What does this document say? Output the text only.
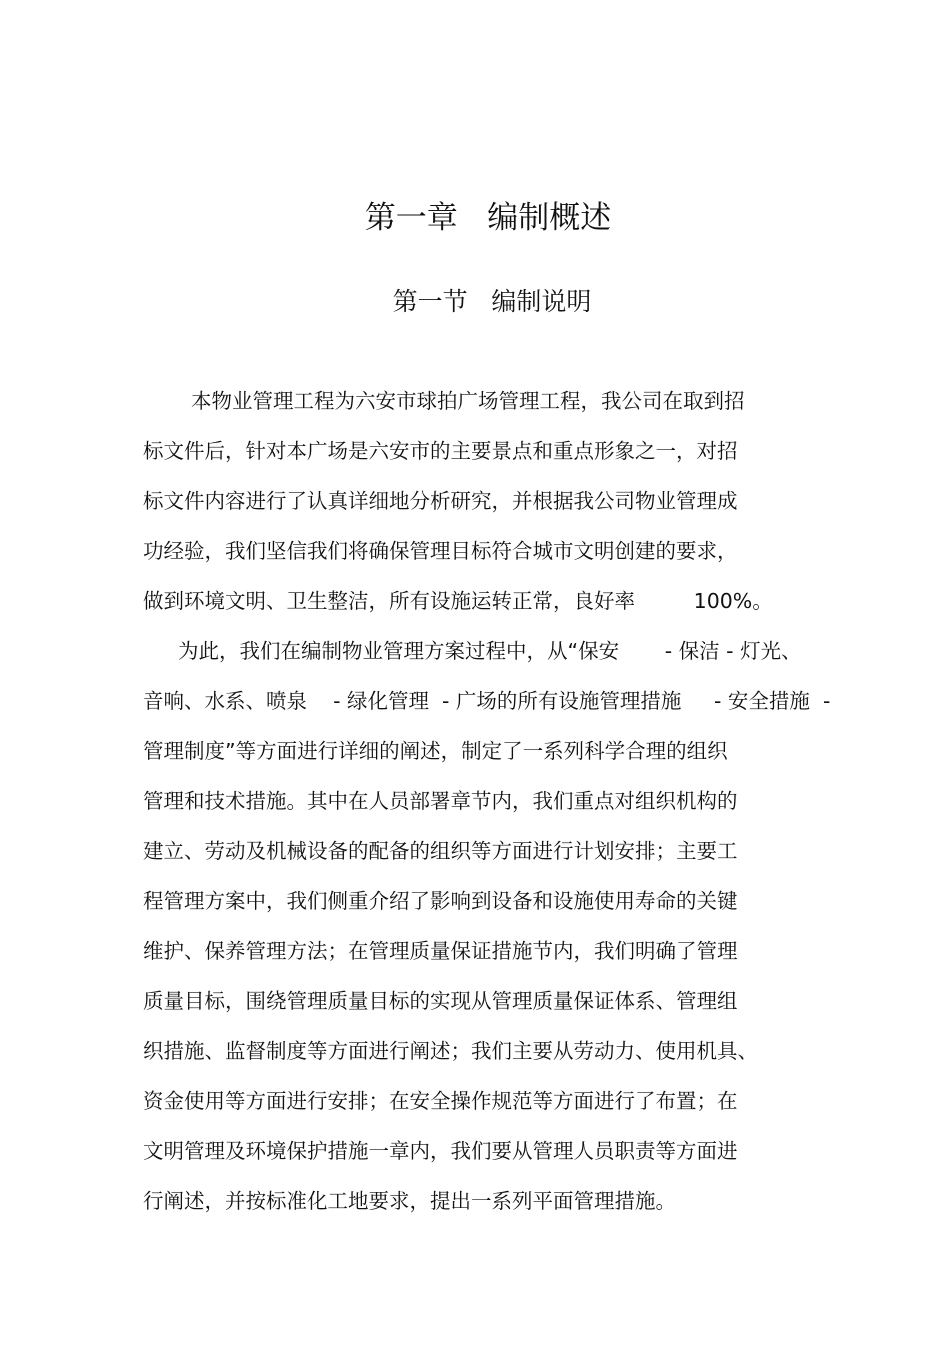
第一章   编制概述
第一节   编制说明
本物业管理工程为六安市球拍广场管理工程，我公司在取到招
标文件后，针对本广场是六安市的主要景点和重点形象之一，对招
标文件内容进行了认真详细地分析研究，并根据我公司物业管理成
功经验，我们坚信我们将确保管理目标符合城市文明创建的要求，
做到环境文明、卫生整洁，所有设施运转正常，良好率         100%。
为此，我们在编制物业管理方案过程中，从“保安       - 保洁 - 灯光、
音响、水系、喷泉    - 绿化管理  - 广场的所有设施管理措施     - 安全措施  -
管理制度”等方面进行详细的阐述，制定了一系列科学合理的组织
管理和技术措施。其中在人员部署章节内，我们重点对组织机构的
建立、劳动及机械设备的配备的组织等方面进行计划安排；主要工
程管理方案中，我们侧重介绍了影响到设备和设施使用寿命的关键
维护、保养管理方法；在管理质量保证措施节内，我们明确了管理
质量目标，围绕管理质量目标的实现从管理质量保证体系、管理组
织措施、监督制度等方面进行阐述；我们主要从劳动力、使用机具、
资金使用等方面进行安排；在安全操作规范等方面进行了布置；在
文明管理及环境保护措施一章内，我们要从管理人员职责等方面进
行阐述，并按标准化工地要求，提出一系列平面管理措施。
